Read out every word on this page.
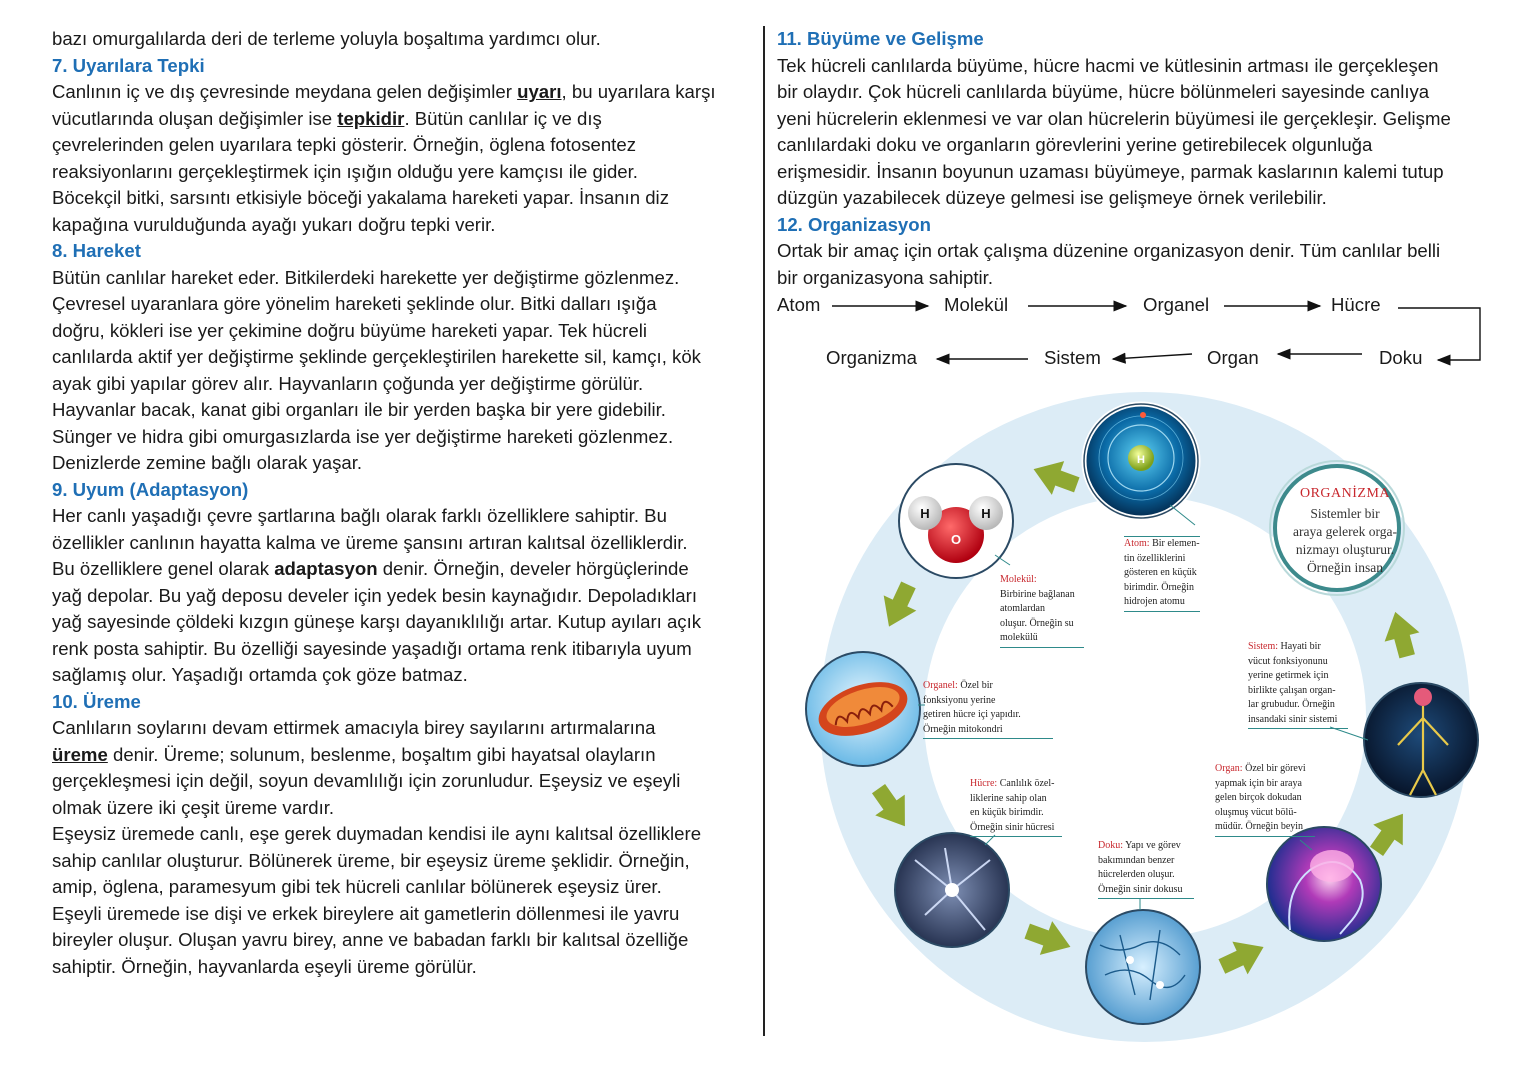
bazı omurgalılarda deri de terleme yoluyla boşaltıma yardımcı olur.

7. Uyarılara Tepki

Canlının iç ve dış çevresinde meydana gelen değişimler uyarı, bu uyarılara karşı

vücutlarında oluşan değişimler ise tepkidir. Bütün canlılar iç ve dış

çevrelerinden gelen uyarılara tepki gösterir. Örneğin, öglena fotosentez

reaksiyonlarını gerçekleştirmek için ışığın olduğu yere kamçısı ile gider.

Böcekçil bitki, sarsıntı etkisiyle böceği yakalama hareketi yapar. İnsanın diz

kapağına vurulduğunda ayağı yukarı doğru tepki verir.

8. Hareket

Bütün canlılar hareket eder. Bitkilerdeki harekette yer değiştirme gözlenmez.

Çevresel uyaranlara göre yönelim hareketi şeklinde olur. Bitki dalları ışığa

doğru, kökleri ise yer çekimine doğru büyüme hareketi yapar. Tek hücreli

canlılarda aktif yer değiştirme şeklinde gerçekleştirilen harekette sil, kamçı, kök

ayak gibi yapılar görev alır. Hayvanların çoğunda yer değiştirme görülür.

Hayvanlar bacak, kanat gibi organları ile bir yerden başka bir yere gidebilir.

Sünger ve hidra gibi omurgasızlarda ise yer değiştirme hareketi gözlenmez.

Denizlerde zemine bağlı olarak yaşar.

9. Uyum (Adaptasyon)

Her canlı yaşadığı çevre şartlarına bağlı olarak farklı özelliklere sahiptir. Bu

özellikler canlının hayatta kalma ve üreme şansını artıran kalıtsal özelliklerdir.

Bu özelliklere genel olarak adaptasyon denir. Örneğin, develer hörgüçlerinde

yağ depolar. Bu yağ deposu develer için yedek besin kaynağıdır. Depoladıkları

yağ sayesinde çöldeki kızgın güneşe karşı dayanıklılığı artar. Kutup ayıları açık

renk posta sahiptir. Bu özelliği sayesinde yaşadığı ortama renk itibarıyla uyum

sağlamış olur. Yaşadığı ortamda çok göze batmaz.

10. Üreme

Canlıların soylarını devam ettirmek amacıyla birey sayılarını artırmalarına

üreme denir. Üreme; solunum, beslenme, boşaltım gibi hayatsal olayların

gerçekleşmesi için değil, soyun devamlılığı için zorunludur. Eşeysiz ve eşeyli

olmak üzere iki çeşit üreme vardır.

Eşeysiz üremede canlı, eşe gerek duymadan kendisi ile aynı kalıtsal özelliklere

sahip canlılar oluşturur. Bölünerek üreme, bir eşeysiz üreme şeklidir. Örneğin,

amip, öglena, paramesyum gibi tek hücreli canlılar bölünerek eşeysiz ürer.

Eşeyli üremede ise dişi ve erkek bireylere ait gametlerin döllenmesi ile yavru

bireyler oluşur. Oluşan yavru birey, anne ve babadan farklı bir kalıtsal özelliğe

sahiptir. Örneğin, hayvanlarda eşeyli üreme görülür.

11. Büyüme ve Gelişme

Tek hücreli canlılarda büyüme, hücre hacmi ve kütlesinin artması ile gerçekleşen

bir olaydır. Çok hücreli canlılarda büyüme, hücre bölünmeleri sayesinde canlıya

yeni hücrelerin eklenmesi ve var olan hücrelerin büyümesi ile gerçekleşir. Gelişme

canlılardaki doku ve organların görevlerini yerine getirebilecek olgunluğa

erişmesidir. İnsanın boyunun uzaması büyümeye, parmak kaslarının kalemi tutup

düzgün yazabilecek düzeye gelmesi ise gelişmeye örnek verilebilir.

12. Organizasyon

Ortak bir amaç için ortak çalışma düzenine organizasyon denir. Tüm canlılar belli

bir organizasyona sahiptir.

H
H	H
O
Atom	Molekül	Organel	Hücre
Organizma	Sistem	Organ	Doku
Atom: Bir elemen-
tin özelliklerini
gösteren en küçük
birimdir. Örneğin
hidrojen atomu
Molekül:
Birbirine bağlanan
atomlardan
oluşur. Örneğin su
molekülü
Organel: Özel bir
fonksiyonu yerine
getiren hücre içi yapıdır.
Örneğin mitokondri
Hücre: Canlılık özel-
liklerine sahip olan
en küçük birimdir.
Örneğin sinir hücresi
Doku: Yapı ve görev
bakımından benzer
hücrelerden oluşur.
Örneğin sinir dokusu
Organ: Özel bir görevi
yapmak için bir araya
gelen birçok dokudan
oluşmuş vücut bölü-
müdür. Örneğin beyin
Sistem: Hayati bir
vücut fonksiyonunu
yerine getirmek için
birlikte çalışan organ-
lar grubudur. Örneğin
insandaki sinir sistemi
ORGANİZMA
Sistemler bir
araya gelerek orga-
nizmayı oluşturur.
Örneğin insan
